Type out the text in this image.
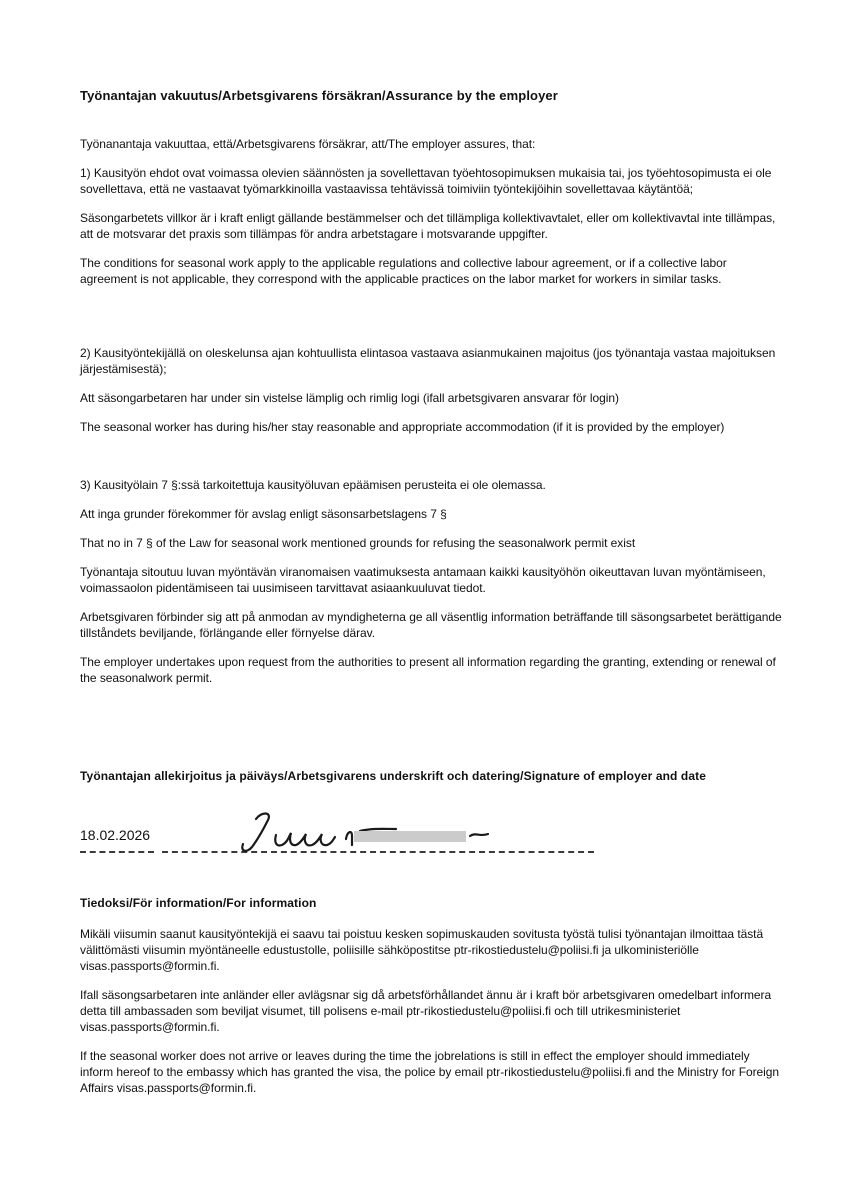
Työnantajan vakuutus/Arbetsgivarens försäkran/Assurance by the employer

Työnanantaja vakuuttaa, että/Arbetsgivarens försäkrar, att/The employer assures, that:

1) Kausityön ehdot ovat voimassa olevien säännösten ja sovellettavan työehtosopimuksen mukaisia tai, jos työehtosopimusta ei ole sovellettava, että ne vastaavat työmarkkinoilla vastaavissa tehtävissä toimiviin työntekijöihin sovellettavaa käytäntöä;

Säsongarbetets villkor är i kraft enligt gällande bestämmelser och det tillämpliga kollektivavtalet, eller om kollektivavtal inte tillämpas, att de motsvarar det praxis som tillämpas för andra arbetstagare i motsvarande uppgifter.

The conditions for seasonal work apply to the applicable regulations and collective labour agreement, or if a collective labor agreement is not applicable, they correspond with the applicable practices on the labor market for workers in similar tasks.

2) Kausityöntekijällä on oleskelunsa ajan kohtuullista elintasoa vastaava asianmukainen majoitus (jos työnantaja vastaa majoituksen järjestämisestä);

Att säsongarbetaren har under sin vistelse lämplig och rimlig logi (ifall arbetsgivaren ansvarar för login)

The seasonal worker has during his/her stay reasonable and appropriate accommodation (if it is provided by the employer)

3) Kausityölain 7 §:ssä tarkoitettuja kausityöluvan epäämisen perusteita ei ole olemassa.

Att inga grunder förekommer för avslag enligt säsonsarbetslagens 7 §

That no in 7 § of the Law for seasonal work mentioned grounds for refusing the seasonalwork permit exist

Työnantaja sitoutuu luvan myöntävän viranomaisen vaatimuksesta antamaan kaikki kausityöhön oikeuttavan luvan myöntämiseen, voimassaolon pidentämiseen tai uusimiseen tarvittavat asiaankuuluvat tiedot.

Arbetsgivaren förbinder sig att på anmodan av myndigheterna ge all väsentlig information beträffande till säsongsarbetet berättigande tillståndets beviljande, förlängande eller förnyelse därav.

The employer undertakes upon request from the authorities to present all information regarding the granting, extending or renewal of the seasonalwork permit.

Työnantajan allekirjoitus ja päiväys/Arbetsgivarens underskrift och datering/Signature of employer and date
18.02.2026
Tiedoksi/För information/For information

Mikäli viisumin saanut kausityöntekijä ei saavu tai poistuu kesken sopimuskauden sovitusta työstä tulisi työnantajan ilmoittaa tästä välittömästi viisumin myöntäneelle edustustolle, poliisille sähköpostitse ptr-rikostiedustelu@poliisi.fi ja ulkoministeriölle visas.passports@formin.fi.

Ifall säsongsarbetaren inte anländer eller avlägsnar sig då arbetsförhållandet ännu är i kraft bör arbetsgivaren omedelbart informera detta till ambassaden som beviljat visumet, till polisens e-mail ptr-rikostiedustelu@poliisi.fi och till utrikesministeriet visas.passports@formin.fi.

If the seasonal worker does not arrive or leaves during the time the jobrelations is still in effect the employer should immediately inform hereof to the embassy which has granted the visa, the police by email ptr-rikostiedustelu@poliisi.fi and the Ministry for Foreign Affairs visas.passports@formin.fi.
